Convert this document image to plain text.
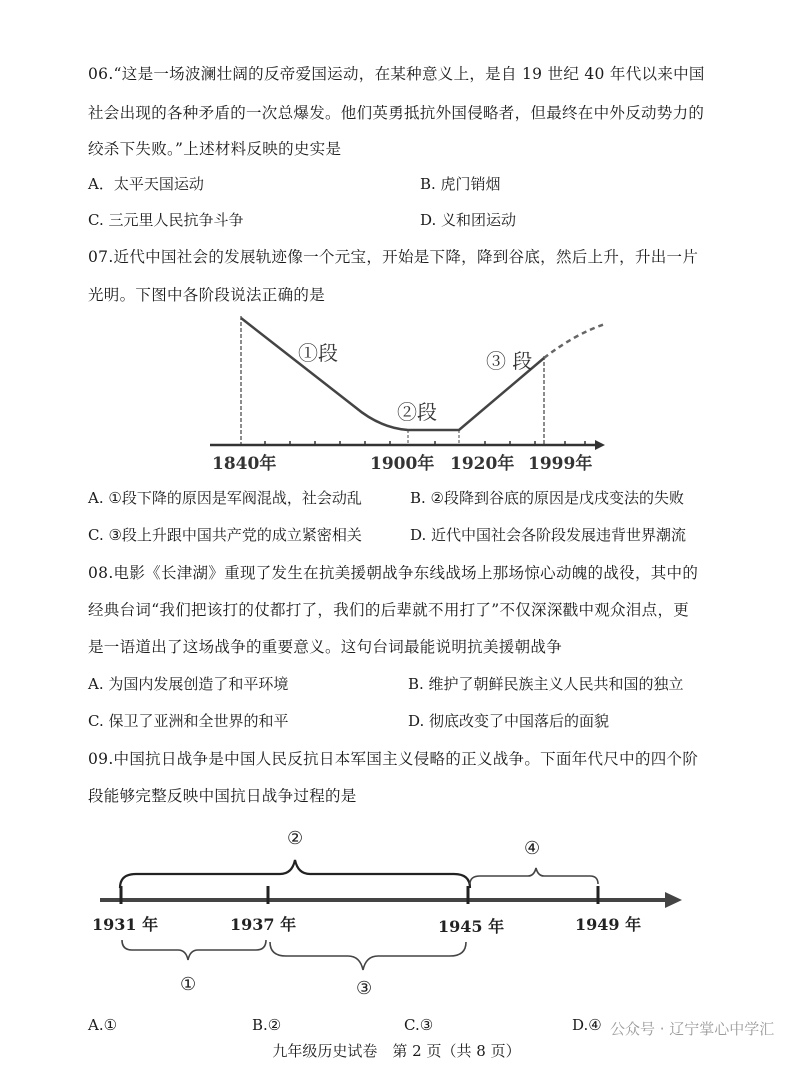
06.“这是一场波澜壮阔的反帝爱国运动，在某种意义上，是自 19 世纪 40 年代以来中国
社会出现的各种矛盾的一次总爆发。他们英勇抵抗外国侵略者，但最终在中外反动势力的
绞杀下失败。”上述材料反映的史实是
A．太平天国运动	B. 虎门销烟
C. 三元里人民抗争斗争	D. 义和团运动
07.近代中国社会的发展轨迹像一个元宝，开始是下降，降到谷底，然后上升，升出一片
光明。下图中各阶段说法正确的是
①段
②段
③ 段
1840年	1900年 1920年 1999年
A. ①段下降的原因是军阀混战，社会动乱	B. ②段降到谷底的原因是戊戌变法的失败
C. ③段上升跟中国共产党的成立紧密相关	D. 近代中国社会各阶段发展违背世界潮流
08.电影《长津湖》重现了发生在抗美援朝战争东线战场上那场惊心动魄的战役，其中的
经典台词“我们把该打的仗都打了，我们的后辈就不用打了”不仅深深戳中观众泪点，更
是一语道出了这场战争的重要意义。这句台词最能说明抗美援朝战争
A. 为国内发展创造了和平环境	B. 维护了朝鲜民族主义人民共和国的独立
C. 保卫了亚洲和全世界的和平	D. 彻底改变了中国落后的面貌
09.中国抗日战争是中国人民反抗日本军国主义侵略的正义战争。下面年代尺中的四个阶
段能够完整反映中国抗日战争过程的是
②	④
①	③
1931 年	1937 年	1945 年	1949 年
A.①	B.②	C.③	D.④ 公众号 · 辽宁掌心中学汇
九年级历史试卷　第 2 页（共 8 页）
